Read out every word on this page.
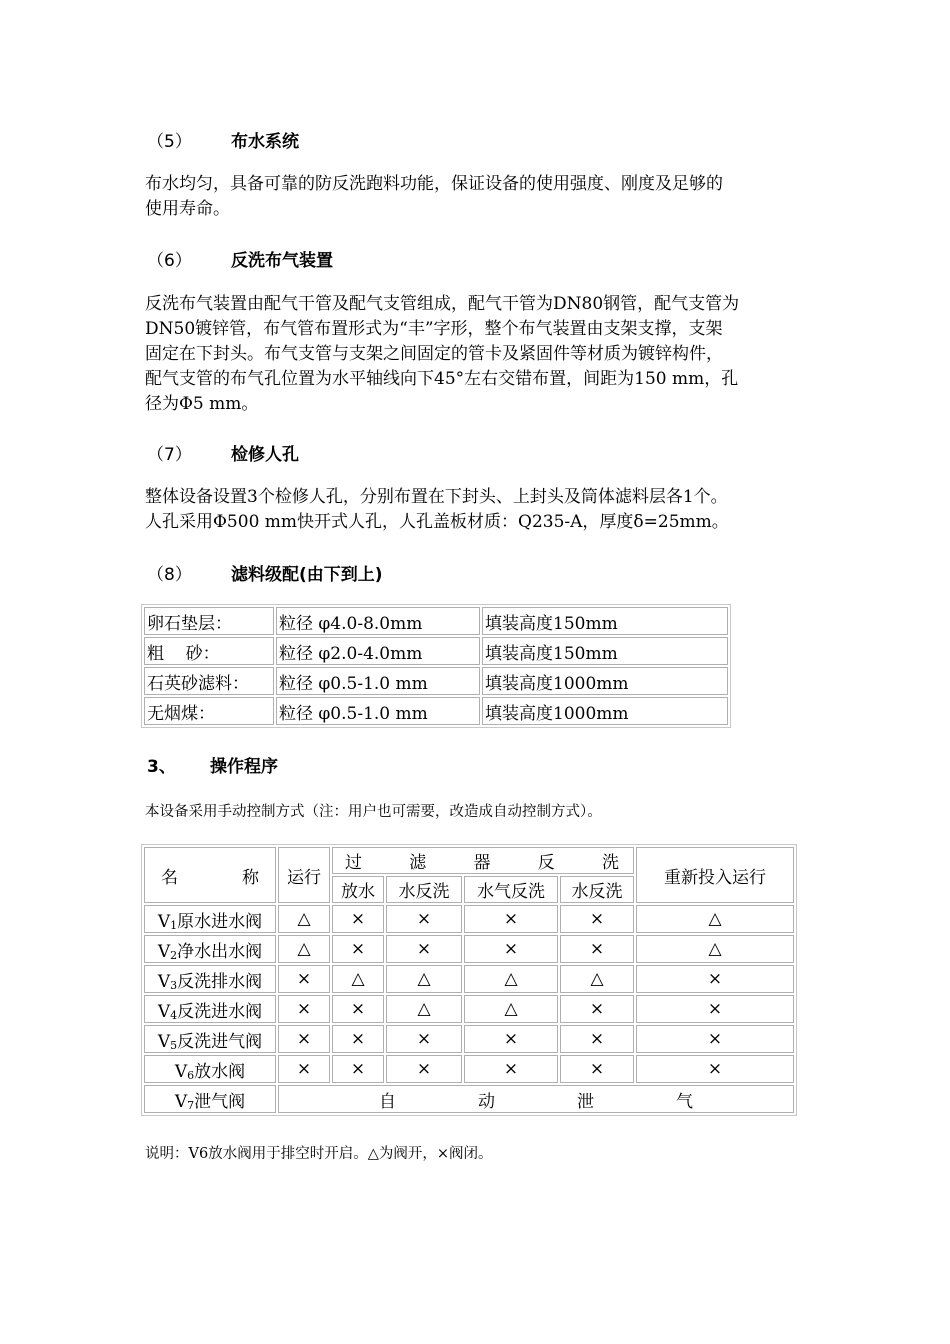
（5） 布水系统
布水均匀，具备可靠的防反洗跑料功能，保证设备的使用强度、刚度及足够的
使用寿命。
（6） 反洗布气装置
反洗布气装置由配气干管及配气支管组成，配气干管为DN80钢管，配气支管为
DN50镀锌管，布气管布置形式为“丰”字形，整个布气装置由支架支撑，支架
固定在下封头。布气支管与支架之间固定的管卡及紧固件等材质为镀锌构件，
配气支管的布气孔位置为水平轴线向下45°左右交错布置，间距为150 mm，孔
径为Φ5 mm。
（7） 检修人孔
整体设备设置3个检修人孔，分别布置在下封头、上封头及筒体滤料层各1个。
人孔采用Φ500 mm快开式人孔，人孔盖板材质：Q235-A，厚度δ=25mm。
（8） 滤料级配(由下到上)
卵石垫层：	粒径 φ4.0-8.0mm	填装高度150mm
粗    砂：	粒径 φ2.0-4.0mm	填装高度150mm
石英砂滤料：	粒径 φ0.5-1.0 mm	填装高度1000mm
无烟煤：	粒径 φ0.5-1.0 mm	填装高度1000mm
3、 操作程序
本设备采用手动控制方式（注：用户也可需要，改造成自动控制方式）。
名 称	运行	过 滤 器 反 洗				重新投入运行
		放水	水反洗	水气反洗	水反洗	
V1原水进水阀	△	×	×	×	×	△
V2净水出水阀	△	×	×	×	×	△
V3反洗排水阀	×	△	△	△	△	×
V4反洗进水阀	×	×	△	△	×	×
V5反洗进气阀	×	×	×	×	×	×
V6放水阀	×	×	×	×	×	×
V7泄气阀	自 动 泄 气					
说明：V6放水阀用于排空时开启。△为阀开，×阀闭。
